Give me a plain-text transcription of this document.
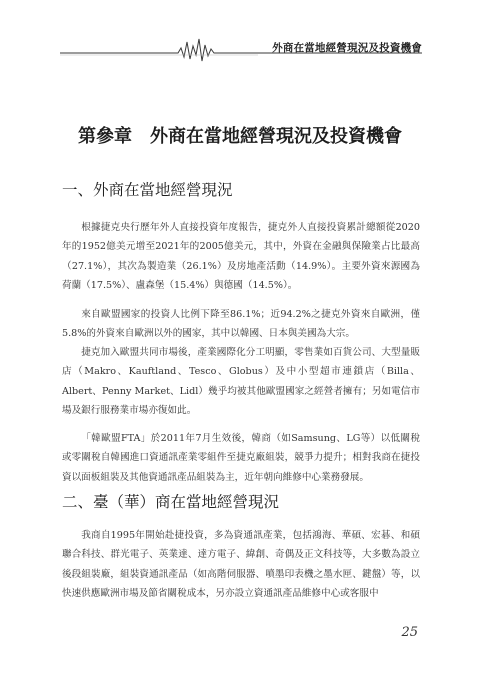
外商在當地經營現況及投資機會
第參章　外商在當地經營現況及投資機會
一、外商在當地經營現況

根據捷克央行歷年外人直接投資年度報告，捷克外人直接投資累計總額從2020年的1952億美元增至2021年的2005億美元，其中，外資在金融與保險業占比最高（27.1%），其次為製造業（26.1%）及房地產活動（14.9%）。主要外資來源國為荷蘭（17.5%）、盧森堡（15.4%）與德國（14.5%）。

來自歐盟國家的投資人比例下降至86.1%；近94.2%之捷克外資來自歐洲，僅5.8%的外資來自歐洲以外的國家，其中以韓國、日本與美國為大宗。

捷克加入歐盟共同市場後，產業國際化分工明顯，零售業如百貨公司、大型量販店（Makro、Kauftland、Tesco、Globus）及中小型超市連鎖店（Billa、Albert、Penny Market、Lidl）幾乎均被其他歐盟國家之經營者擁有；另如電信市場及銀行服務業市場亦復如此。

「韓歐盟FTA」於2011年7月生效後，韓商（如Samsung、LG等）以低關稅或零關稅自韓國進口資通訊產業零組件至捷克廠組裝，競爭力提升；相對我商在捷投資以面板組裝及其他資通訊產品組裝為主，近年朝向維修中心業務發展。

二、臺（華）商在當地經營現況

我商自1995年開始赴捷投資，多為資通訊產業，包括鴻海、華碩、宏碁、和碩聯合科技、群光電子、英業達、達方電子、緯創、奇偶及正文科技等，大多數為設立後段組裝廠，組裝資通訊產品（如高階伺服器、噴墨印表機之墨水匣、鍵盤）等，以快速供應歐洲市場及節省關稅成本，另亦設立資通訊產品維修中心或客服中

25
